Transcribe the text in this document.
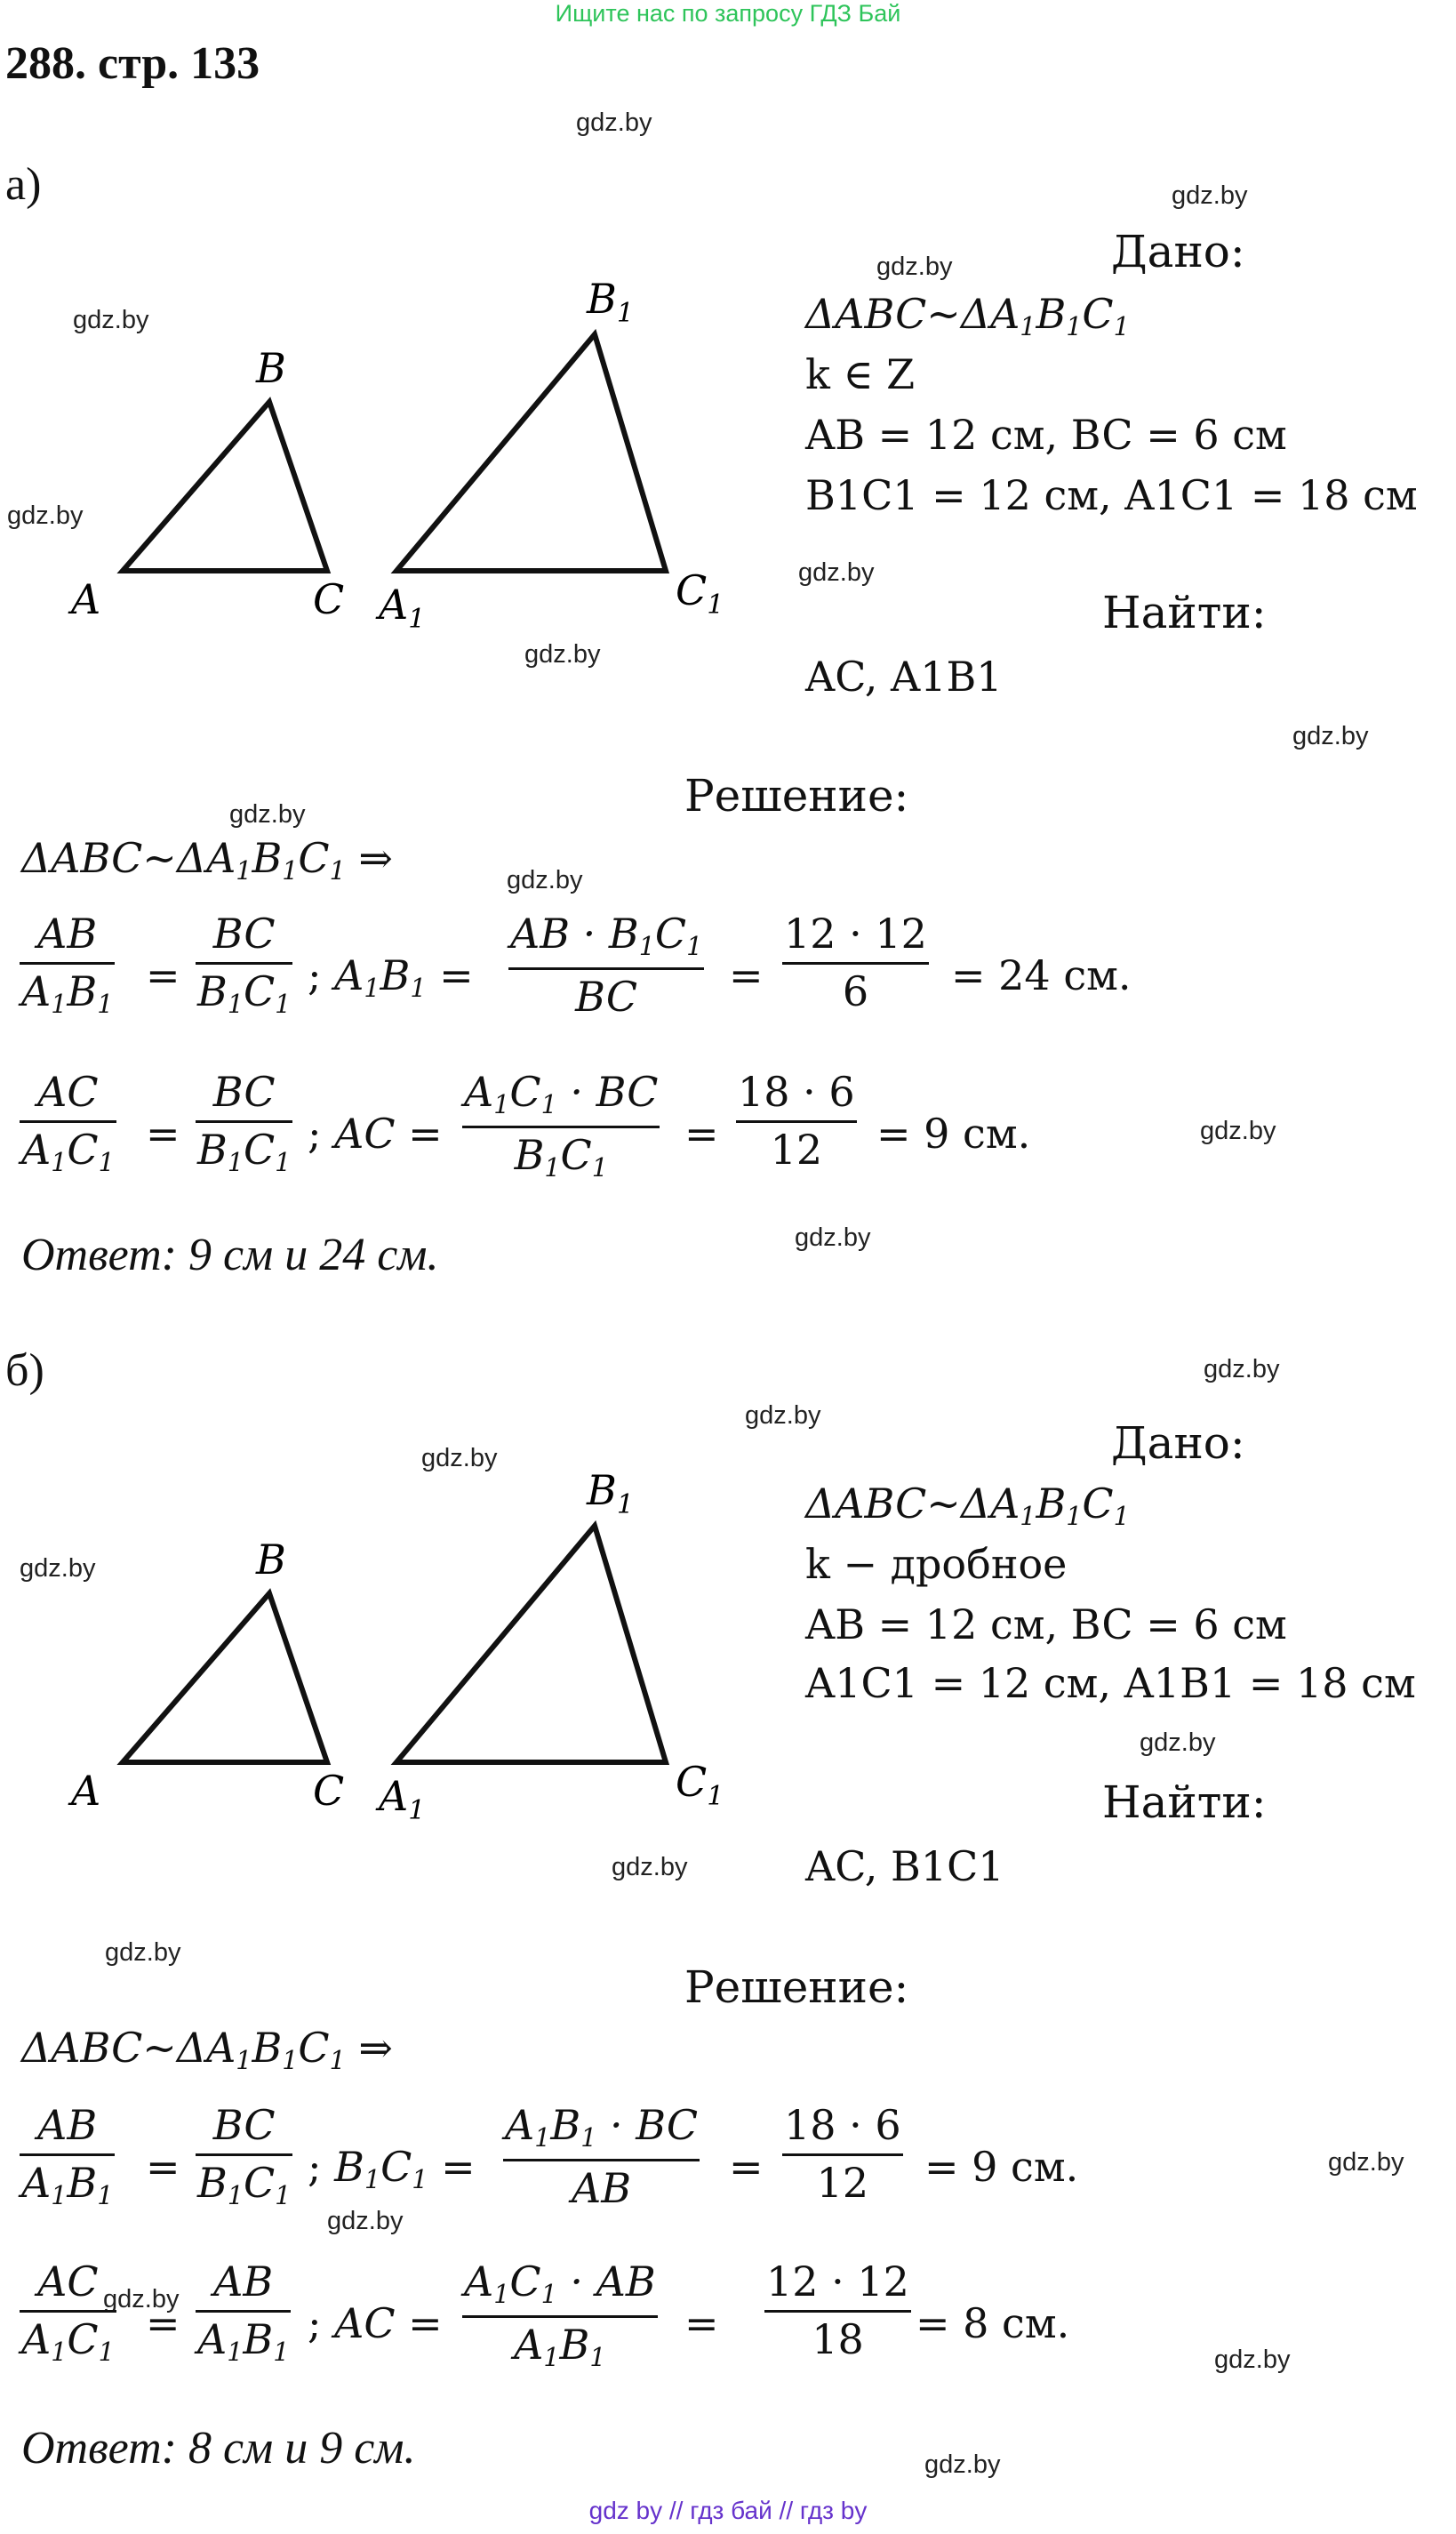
Ищите нас по запросу ГДЗ Бай
288. стр. 133
gdz.by
gdz.by
gdz.by
gdz.by
gdz.by
gdz.by
gdz.by
gdz.by
gdz.by
gdz.by
gdz.by
gdz.by
gdz.by
gdz.by
gdz.by
gdz.by
gdz.by
gdz.by
gdz.by
gdz.by
gdz.by
gdz.by
gdz.by
gdz.by
а)
A
B
C $A_1$
$B_1$
$C_1$
Дано:
$\Delta ABC\sim\Delta A_1B_1C_1$
k ∈ Z
AB = 12 см, BC = 6 см
B1C1 = 12 см, A1C1 = 18 см
Найти:
AC, A1B1
Решение:
$\Delta ABC\sim\Delta A_1B_1C_1$ ⇒
AB
$A_1B_1$
=
BC
$B_1C_1$
; $A_1B_1$ =
AB · $B_1C_1$
BC =
12 · 12
6 = 24 см.
AC
$A_1C_1$
=
BC
$B_1C_1$
; AC =
$A_1C_1$ · BC
$B_1C_1$
=
18 · 6
12 = 9 см.
Ответ: 9 см и 24 см.
б)
A
B
C $A_1$
$B_1$
$C_1$
Дано:
$\Delta ABC\sim\Delta A_1B_1C_1$
k − дробное
AB = 12 см, BC = 6 см
A1C1 = 12 см, A1B1 = 18 см
Найти:
AC, B1C1
Решение:
$\Delta ABC\sim\Delta A_1B_1C_1$ ⇒
AB
$A_1B_1$
=
BC
$B_1C_1$
; $B_1C_1$ =
$A_1B_1$ · BC
AB =
18 · 6
12 = 9 см.
AC
$A_1C_1$
=
AB
$A_1B_1$
; AC =
$A_1C_1$ · AB
$A_1B_1$
=
12 · 12
18 = 8 см.
Ответ: 8 см и 9 см.
gdz by // гдз бай // гдз by
